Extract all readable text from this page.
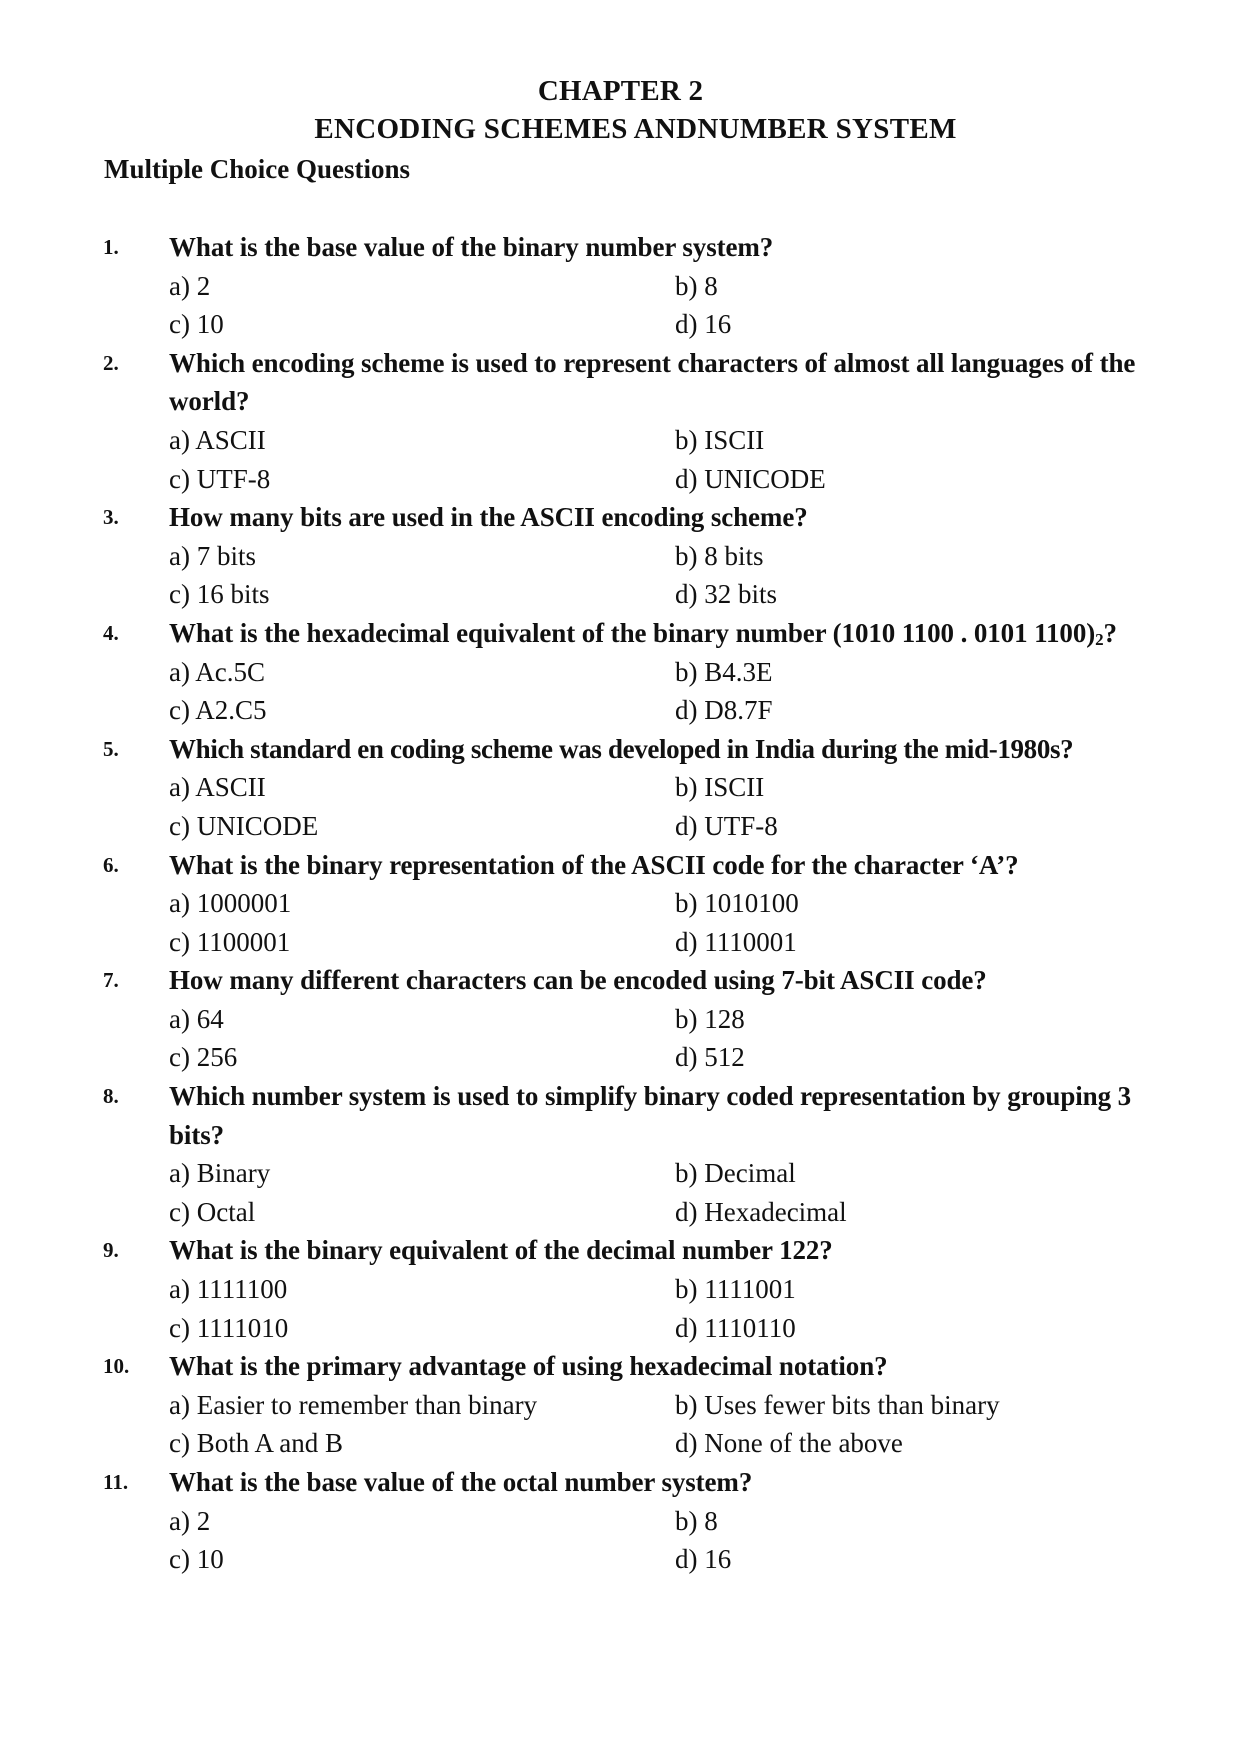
CHAPTER 2
ENCODING SCHEMES ANDNUMBER SYSTEM
Multiple Choice Questions
1. What is the base value of the binary number system?
a) 2	b) 8
c) 10	d) 16
2. Which encoding scheme is used to represent characters of almost all languages of the world?
a) ASCII	b) ISCII
c) UTF-8	d) UNICODE
3. How many bits are used in the ASCII encoding scheme?
a) 7 bits	b) 8 bits
c) 16 bits	d) 32 bits
4. What is the hexadecimal equivalent of the binary number (1010 1100 . 0101 $1100)_2$?
a) Ac.5C	b) B4.3E
c) A2.C5	d) D8.7F
5. Which standard en coding scheme was developed in India during the mid-1980s?
a) ASCII	b) ISCII
c) UNICODE	d) UTF-8
6. What is the binary representation of the ASCII code for the character ‘A’?
a) 1000001	b) 1010100
c) 1100001	d) 1110001
7. How many different characters can be encoded using 7-bit ASCII code?
a) 64	b) 128
c) 256	d) 512
8. Which number system is used to simplify binary coded representation by grouping 3 bits?
a) Binary	b) Decimal
c) Octal	d) Hexadecimal
9. What is the binary equivalent of the decimal number 122?
a) 1111100	b) 1111001
c) 1111010	d) 1110110
10. What is the primary advantage of using hexadecimal notation?
a) Easier to remember than binary	b) Uses fewer bits than binary
c) Both A and B	d) None of the above
11. What is the base value of the octal number system?
a) 2	b) 8
c) 10	d) 16
